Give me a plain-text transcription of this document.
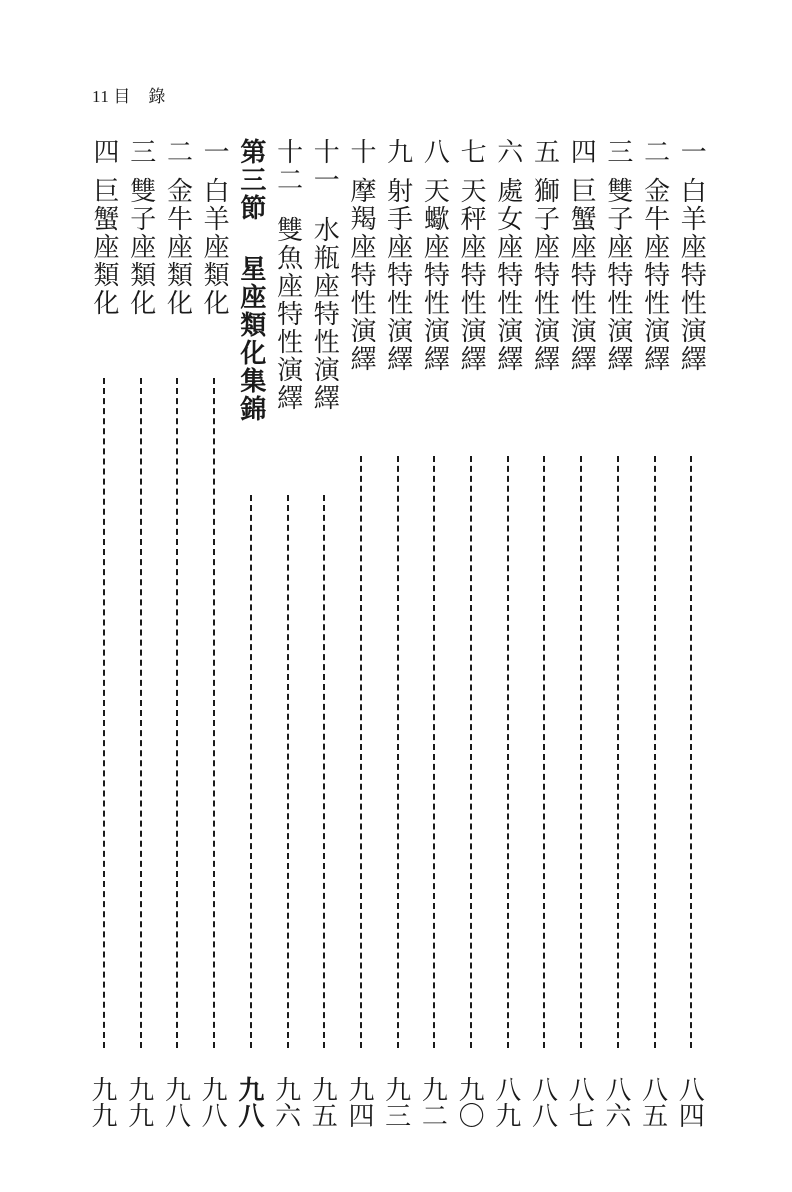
11 目　錄
一
白羊座特性演繹
八四
二
金牛座特性演繹
八五
三
雙子座特性演繹
八六
四
巨蟹座特性演繹
八七
五
獅子座特性演繹
八八
六
處女座特性演繹
八九
七
天秤座特性演繹
九〇
八
天蠍座特性演繹
九二
九
射手座特性演繹
九三
十
摩羯座特性演繹
九四
十一
水瓶座特性演繹
九五
十二
雙魚座特性演繹
九六
第三節
星座類化集錦
九八
一
白羊座類化
九八
二
金牛座類化
九八
三
雙子座類化
九九
四
巨蟹座類化
九九
